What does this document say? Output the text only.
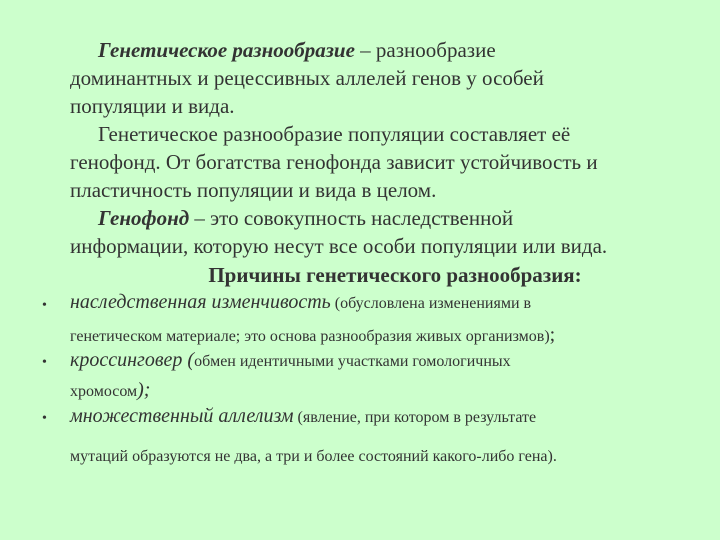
Генетическое разнообразие – разнообразие
доминантных и рецессивных аллелей генов у особей
популяции и вида.
Генетическое разнообразие популяции составляет её
генофонд. От богатства генофонда зависит устойчивость и
пластичность популяции и вида в целом.
Генофонд – это совокупность наследственной
информации, которую несут все особи популяции или вида.
Причины генетического разнообразия:
• наследственная изменчивость (обусловлена изменениями в
генетическом материале; это основа разнообразия живых организмов);
• кроссинговер (обмен идентичными участками гомологичных
хромосом);
• множественный аллелизм (явление, при котором в результате
мутаций образуются не два, а три и более состояний какого-либо гена).
